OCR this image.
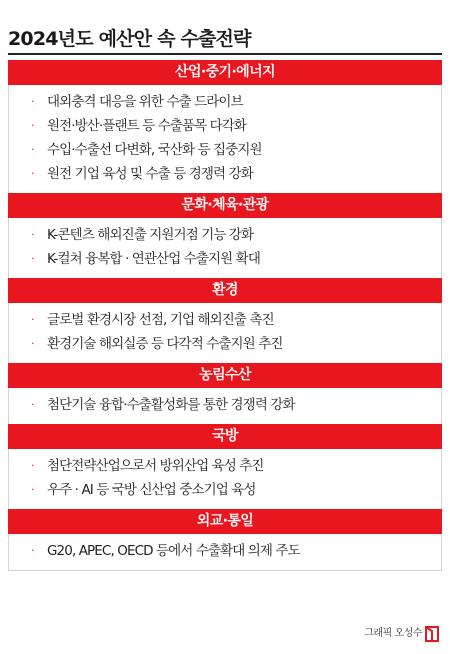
2024년도 예산안 속 수출전략
산업·중기·에너지
· 대외충격 대응을 위한 수출 드라이브
· 원전·방산·플랜트 등 수출품목 다각화
· 수입·수출선 다변화, 국산화 등 집중지원
· 원전 기업 육성 및 수출 등 경쟁력 강화
문화·체육·관광
· K-콘텐츠 해외진출 지원거점 기능 강화
· K-컬쳐 융복합 · 연관산업 수출지원 확대
환경
· 글로벌 환경시장 선점, 기업 해외진출 촉진
· 환경기술 해외실증 등 다각적 수출지원 추진
농림수산
· 첨단기술 융합·수출활성화를 통한 경쟁력 강화
국방
· 첨단전략산업으로서 방위산업 육성 추진
· 우주 · AI 등 국방 신산업 중소기업 육성
외교·통일
· G20, APEC, OECD 등에서 수출확대 의제 주도
그래픽 오성수
